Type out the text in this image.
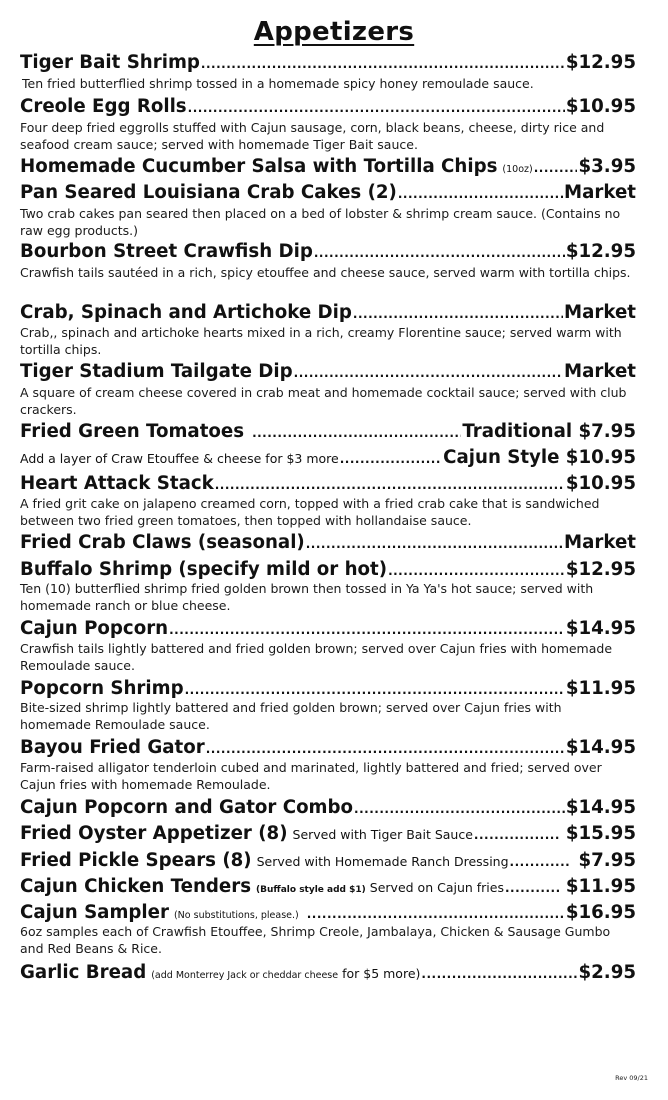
Appetizers
Tiger Bait Shrimp .....	$12.95
Ten fried butterflied shrimp tossed in a homemade spicy honey remoulade sauce.
Creole Egg Rolls .....	$10.95
Four deep fried eggrolls stuffed with Cajun sausage, corn, black beans, cheese, dirty rice and seafood cream sauce; served with homemade Tiger Bait sauce.
Homemade Cucumber Salsa with Tortilla Chips (10oz) .....	$3.95
Pan Seared Louisiana Crab Cakes (2) .....	Market
Two crab cakes pan seared then placed on a bed of lobster & shrimp cream sauce. (Contains no raw egg products.)
Bourbon Street Crawfish Dip .....	$12.95
Crawfish tails sautéed in a rich, spicy etouffee and cheese sauce, served warm with tortilla chips.
Crab, Spinach and Artichoke Dip .....	Market
Crab,, spinach and artichoke hearts mixed in a rich, creamy Florentine sauce; served warm with tortilla chips.
Tiger Stadium Tailgate Dip .....	Market
A square of cream cheese covered in crab meat and homemade cocktail sauce; served with club crackers.
Fried Green Tomatoes .....	Traditional $7.95
Add a layer of Craw Etouffee & cheese for $3 more .....	Cajun Style $10.95
Heart Attack Stack .....	$10.95
A fried grit cake on jalapeno creamed corn, topped with a fried crab cake that is sandwiched between two fried green tomatoes, then topped with hollandaise sauce.
Fried Crab Claws (seasonal) .....	Market
Buffalo Shrimp (specify mild or hot) .....	$12.95
Ten (10) butterflied shrimp fried golden brown then tossed in Ya Ya's hot sauce; served with homemade ranch or blue cheese.
Cajun Popcorn .....	$14.95
Crawfish tails lightly battered and fried golden brown; served over Cajun fries with homemade Remoulade sauce.
Popcorn Shrimp .....	$11.95
Bite-sized shrimp lightly battered and fried golden brown; served over Cajun fries with homemade Remoulade sauce.
Bayou Fried Gator .....	$14.95
Farm-raised alligator tenderloin cubed and marinated, lightly battered and fried; served over Cajun fries with homemade Remoulade.
Cajun Popcorn and Gator Combo .....	$14.95
Fried Oyster Appetizer (8) Served with Tiger Bait Sauce .....	$15.95
Fried Pickle Spears (8) Served with Homemade Ranch Dressing .....	$7.95
Cajun Chicken Tenders (Buffalo style add $1) Served on Cajun fries .....	$11.95
Cajun Sampler (No substitutions, please.) .....	$16.95
6oz samples each of Crawfish Etouffee, Shrimp Creole, Jambalaya, Chicken & Sausage Gumbo and Red Beans & Rice.
Garlic Bread (add Monterrey Jack or cheddar cheese for $5 more) .....	$2.95
Rev 09/21
